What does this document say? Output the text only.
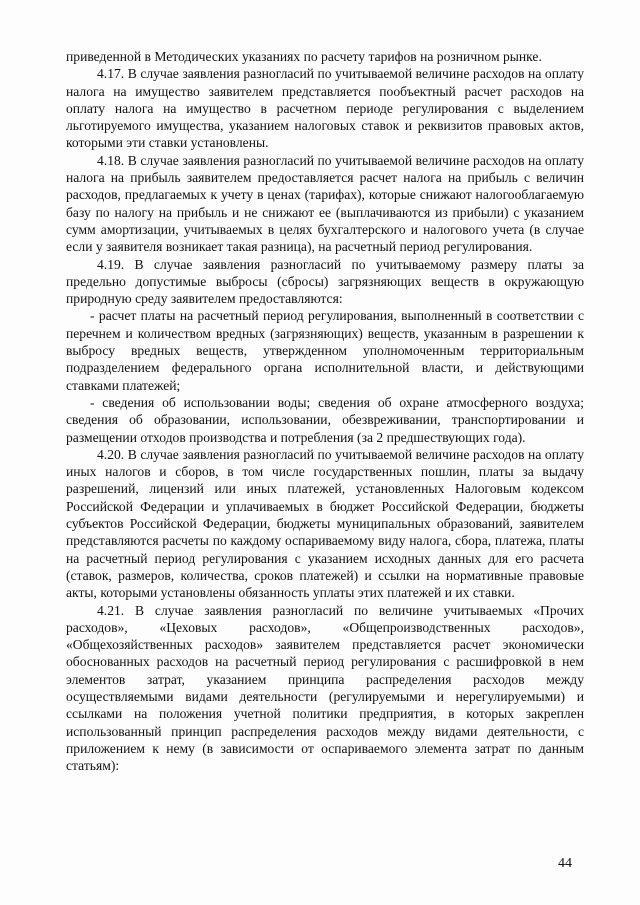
приведенной в Методических указаниях по расчету тарифов на розничном рынке.

4.17. В случае заявления разногласий по учитываемой величине расходов на оплату налога на имущество заявителем представляется пообъектный расчет расходов на оплату налога на имущество в расчетном периоде регулирования с выделением льготируемого имущества, указанием налоговых ставок и реквизитов правовых актов, которыми эти ставки установлены.

4.18. В случае заявления разногласий по учитываемой величине расходов на оплату налога на прибыль заявителем предоставляется расчет налога на прибыль с величин расходов, предлагаемых к учету в ценах (тарифах), которые снижают налогооблагаемую базу по налогу на прибыль и не снижают ее (выплачиваются из прибыли) с указанием сумм амортизации, учитываемых в целях бухгалтерского и налогового учета (в случае если у заявителя возникает такая разница), на расчетный период регулирования.

4.19. В случае заявления разногласий по учитываемому размеру платы за предельно допустимые выбросы (сбросы) загрязняющих веществ в окружающую природную среду заявителем предоставляются:

- расчет платы на расчетный период регулирования, выполненный в соответствии с перечнем и количеством вредных (загрязняющих) веществ, указанным в разрешении к выбросу вредных веществ, утвержденном уполномоченным территориальным подразделением федерального органа исполнительной власти, и действующими ставками платежей;

- сведения об использовании воды; сведения об охране атмосферного воздуха; сведения об образовании, использовании, обезвреживании, транспортировании и размещении отходов производства и потребления (за 2 предшествующих года).

4.20. В случае заявления разногласий по учитываемой величине расходов на оплату иных налогов и сборов, в том числе государственных пошлин, платы за выдачу разрешений, лицензий или иных платежей, установленных Налоговым кодексом Российской Федерации и уплачиваемых в бюджет Российской Федерации, бюджеты субъектов Российской Федерации, бюджеты муниципальных образований, заявителем представляются расчеты по каждому оспариваемому виду налога, сбора, платежа, платы на расчетный период регулирования с указанием исходных данных для его расчета (ставок, размеров, количества, сроков платежей) и ссылки на нормативные правовые акты, которыми установлены обязанность уплаты этих платежей и их ставки.

4.21. В случае заявления разногласий по величине учитываемых «Прочих расходов», «Цеховых расходов», «Общепроизводственных расходов», «Общехозяйственных расходов» заявителем представляется расчет экономически обоснованных расходов на расчетный период регулирования с расшифровкой в нем элементов затрат, указанием принципа распределения расходов между осуществляемыми видами деятельности (регулируемыми и нерегулируемыми) и ссылками на положения учетной политики предприятия, в которых закреплен использованный принцип распределения расходов между видами деятельности, с приложением к нему (в зависимости от оспариваемого элемента затрат по данным статьям):

44
